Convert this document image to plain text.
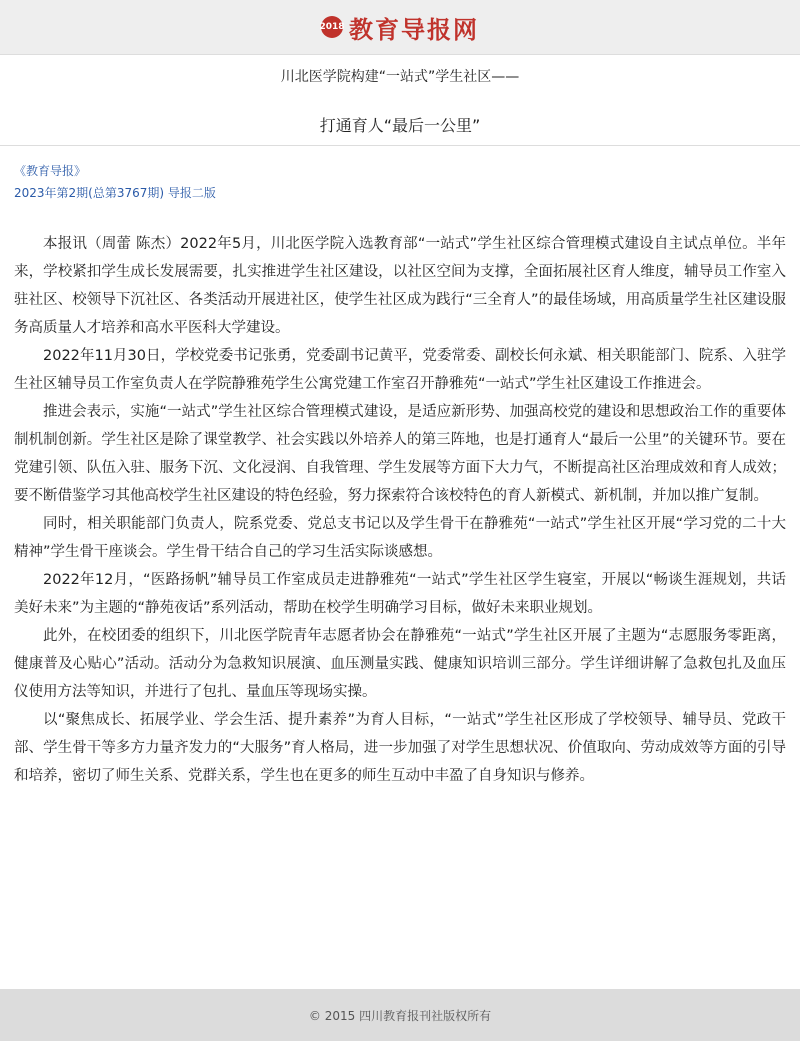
2018 教育导报网
川北医学院构建“一站式”学生社区——
打通育人“最后一公里”
《教育导报》
2023年第2期(总第3767期) 导报二版

本报讯（周蕾 陈杰）2022年5月，川北医学院入选教育部“一站式”学生社区综合管理模式建设自主试点单位。半年来，学校紧扣学生成长发展需要，扎实推进学生社区建设，以社区空间为支撑，全面拓展社区育人维度，辅导员工作室入驻社区、校领导下沉社区、各类活动开展进社区，使学生社区成为践行“三全育人”的最佳场域，用高质量学生社区建设服务高质量人才培养和高水平医科大学建设。

2022年11月30日，学校党委书记张勇，党委副书记黄平，党委常委、副校长何永斌、相关职能部门、院系、入驻学生社区辅导员工作室负责人在学院静雅苑学生公寓党建工作室召开静雅苑“一站式”学生社区建设工作推进会。

推进会表示，实施“一站式”学生社区综合管理模式建设，是适应新形势、加强高校党的建设和思想政治工作的重要体制机制创新。学生社区是除了课堂教学、社会实践以外培养人的第三阵地，也是打通育人“最后一公里”的关键环节。要在党建引领、队伍入驻、服务下沉、文化浸润、自我管理、学生发展等方面下大力气，不断提高社区治理成效和育人成效；要不断借鉴学习其他高校学生社区建设的特色经验，努力探索符合该校特色的育人新模式、新机制，并加以推广复制。

同时，相关职能部门负责人，院系党委、党总支书记以及学生骨干在静雅苑“一站式”学生社区开展“学习党的二十大精神”学生骨干座谈会。学生骨干结合自己的学习生活实际谈感想。

2022年12月，“医路扬帆”辅导员工作室成员走进静雅苑“一站式”学生社区学生寝室，开展以“畅谈生涯规划，共话美好未来”为主题的“静苑夜话”系列活动，帮助在校学生明确学习目标，做好未来职业规划。

此外，在校团委的组织下，川北医学院青年志愿者协会在静雅苑“一站式”学生社区开展了主题为“志愿服务零距离，健康普及心贴心”活动。活动分为急救知识展演、血压测量实践、健康知识培训三部分。学生详细讲解了急救包扎及血压仪使用方法等知识，并进行了包扎、量血压等现场实操。

以“聚焦成长、拓展学业、学会生活、提升素养”为育人目标，“一站式”学生社区形成了学校领导、辅导员、党政干部、学生骨干等多方力量齐发力的“大服务”育人格局，进一步加强了对学生思想状况、价值取向、劳动成效等方面的引导和培养，密切了师生关系、党群关系，学生也在更多的师生互动中丰盈了自身知识与修养。

© 2015 四川教育报刊社版权所有
